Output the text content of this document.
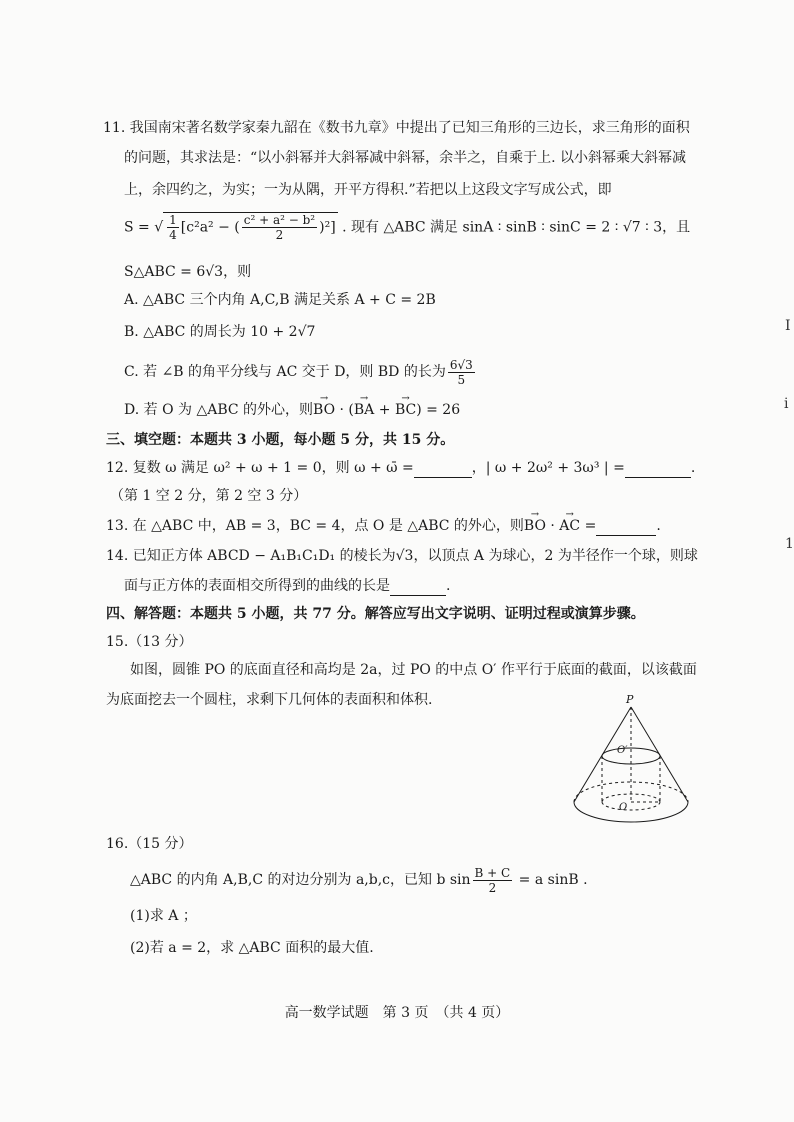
I
i
1
11. 我国南宋著名数学家秦九韶在《数书九章》中提出了已知三角形的三边长，求三角形的面积
的问题，其求法是：“以小斜幂并大斜幂减中斜幂，余半之，自乘于上. 以小斜幂乘大斜幂减
上，余四约之，为实；一为从隅，开平方得积.”若把以上这段文字写成公式，即
S = √ $\frac{1}{4} [c^2a^2$ − ( $\frac{\text{c² + a² − b²}}{2} )^2$] . 现有 △ABC 满足 sinA ∶ sinB ∶ sinC = 2 ∶ √7 ∶ 3，且
S△ABC = 6√3，则
A. △ABC 三个内角 A,C,B 满足关系 A + C = 2B
B. △ABC 的周长为 10 + 2√7
C. 若 ∠B 的角平分线与 AC 交于 D，则 BD 的长为 $\frac{6√3}{5}$
D. 若 O 为 △ABC 的外心，则→ BO · (→ BA + → BC) = 26
三、填空题：本题共 3 小题，每小题 5 分，共 15 分。
12. 复数 ω 满足 ω² + ω + 1 = 0，则 ω + ω̄ =	，| ω + 2ω² + 3ω³ | =	.
（第 1 空 2 分，第 2 空 3 分）
13. 在 △ABC 中，AB = 3，BC = 4，点 O 是 △ABC 的外心，则→ BO · → AC =	.
14. 已知正方体 ABCD − A₁B₁C₁D₁ 的棱长为√3，以顶点 A 为球心，2 为半径作一个球，则球
面与正方体的表面相交所得到的曲线的长是	.
四、解答题：本题共 5 小题，共 77 分。解答应写出文字说明、证明过程或演算步骤。
15.（13 分）
如图，圆锥 PO 的底面直径和高均是 2a，过 PO 的中点 O′ 作平行于底面的截面，以该截面
为底面挖去一个圆柱，求剩下几何体的表面积和体积.	P
O′
O
16.（15 分）
△ABC 的内角 A,B,C 的对边分别为 a,b,c，已知 b $\sin \frac{B + C}{2} = a$ sinB .
(1)求 A ；
(2)若 a = 2，求 △ABC 面积的最大值.
高一数学试题　第 3 页　（共 4 页）
